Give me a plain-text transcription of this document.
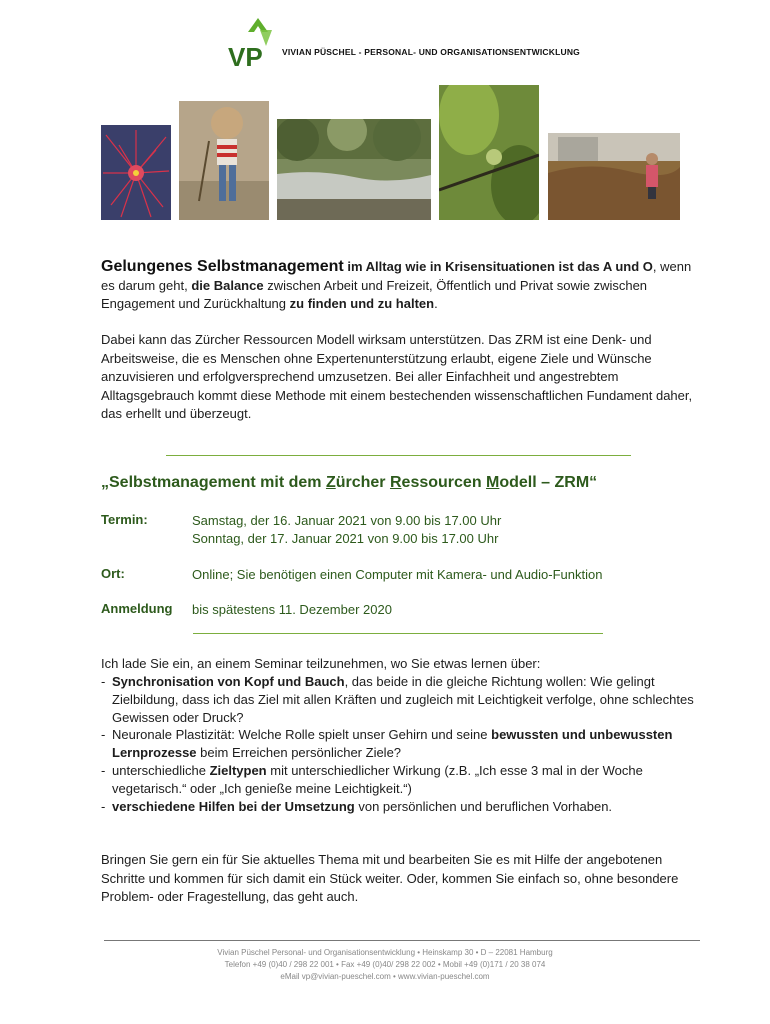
VP VIVIAN PÜSCHEL - PERSONAL- UND ORGANISATIONSENTWICKLUNG
Gelungenes Selbstmanagement im Alltag wie in Krisensituationen ist das A und O, wenn es darum geht, die Balance zwischen Arbeit und Freizeit, Öffentlich und Privat sowie zwischen Engagement und Zurückhaltung zu finden und zu halten.
Dabei kann das Zürcher Ressourcen Modell wirksam unterstützen. Das ZRM ist eine Denk- und Arbeitsweise, die es Menschen ohne Expertenunterstützung erlaubt, eigene Ziele und Wünsche anzuvisieren und erfolgversprechend umzusetzen. Bei aller Einfachheit und angestrebtem Alltagsgebrauch kommt diese Methode mit einem bestechenden wissenschaftlichen Fundament daher, das erhellt und überzeugt.
„Selbstmanagement mit dem Zürcher Ressourcen Modell – ZRM“
Termin:	Samstag, der 16. Januar 2021 von 9.00 bis 17.00 Uhr
Sonntag, der 17. Januar 2021 von 9.00 bis 17.00 Uhr
Ort:	Online; Sie benötigen einen Computer mit Kamera- und Audio-Funktion
Anmeldung bis spätestens 11. Dezember 2020
Ich lade Sie ein, an einem Seminar teilzunehmen, wo Sie etwas lernen über:
- Synchronisation von Kopf und Bauch, das beide in die gleiche Richtung wollen: Wie gelingt Zielbildung, dass ich das Ziel mit allen Kräften und zugleich mit Leichtigkeit verfolge, ohne schlechtes Gewissen oder Druck?
- Neuronale Plastizität: Welche Rolle spielt unser Gehirn und seine bewussten und unbewussten Lernprozesse beim Erreichen persönlicher Ziele?
- unterschiedliche Zieltypen mit unterschiedlicher Wirkung (z.B. „Ich esse 3 mal in der Woche vegetarisch.“ oder „Ich genieße meine Leichtigkeit.“)
- verschiedene Hilfen bei der Umsetzung von persönlichen und beruflichen Vorhaben.
Bringen Sie gern ein für Sie aktuelles Thema mit und bearbeiten Sie es mit Hilfe der angebotenen Schritte und kommen für sich damit ein Stück weiter. Oder, kommen Sie einfach so, ohne besondere Problem- oder Fragestellung, das geht auch.
Vivian Püschel Personal- und Organisationsentwicklung • Heinskamp 30 • D – 22081 Hamburg
Telefon +49 (0)40 / 298 22 001 • Fax +49 (0)40/ 298 22 002 • Mobil +49 (0)171 / 20 38 074
eMail vp@vivian-pueschel.com • www.vivian-pueschel.com
